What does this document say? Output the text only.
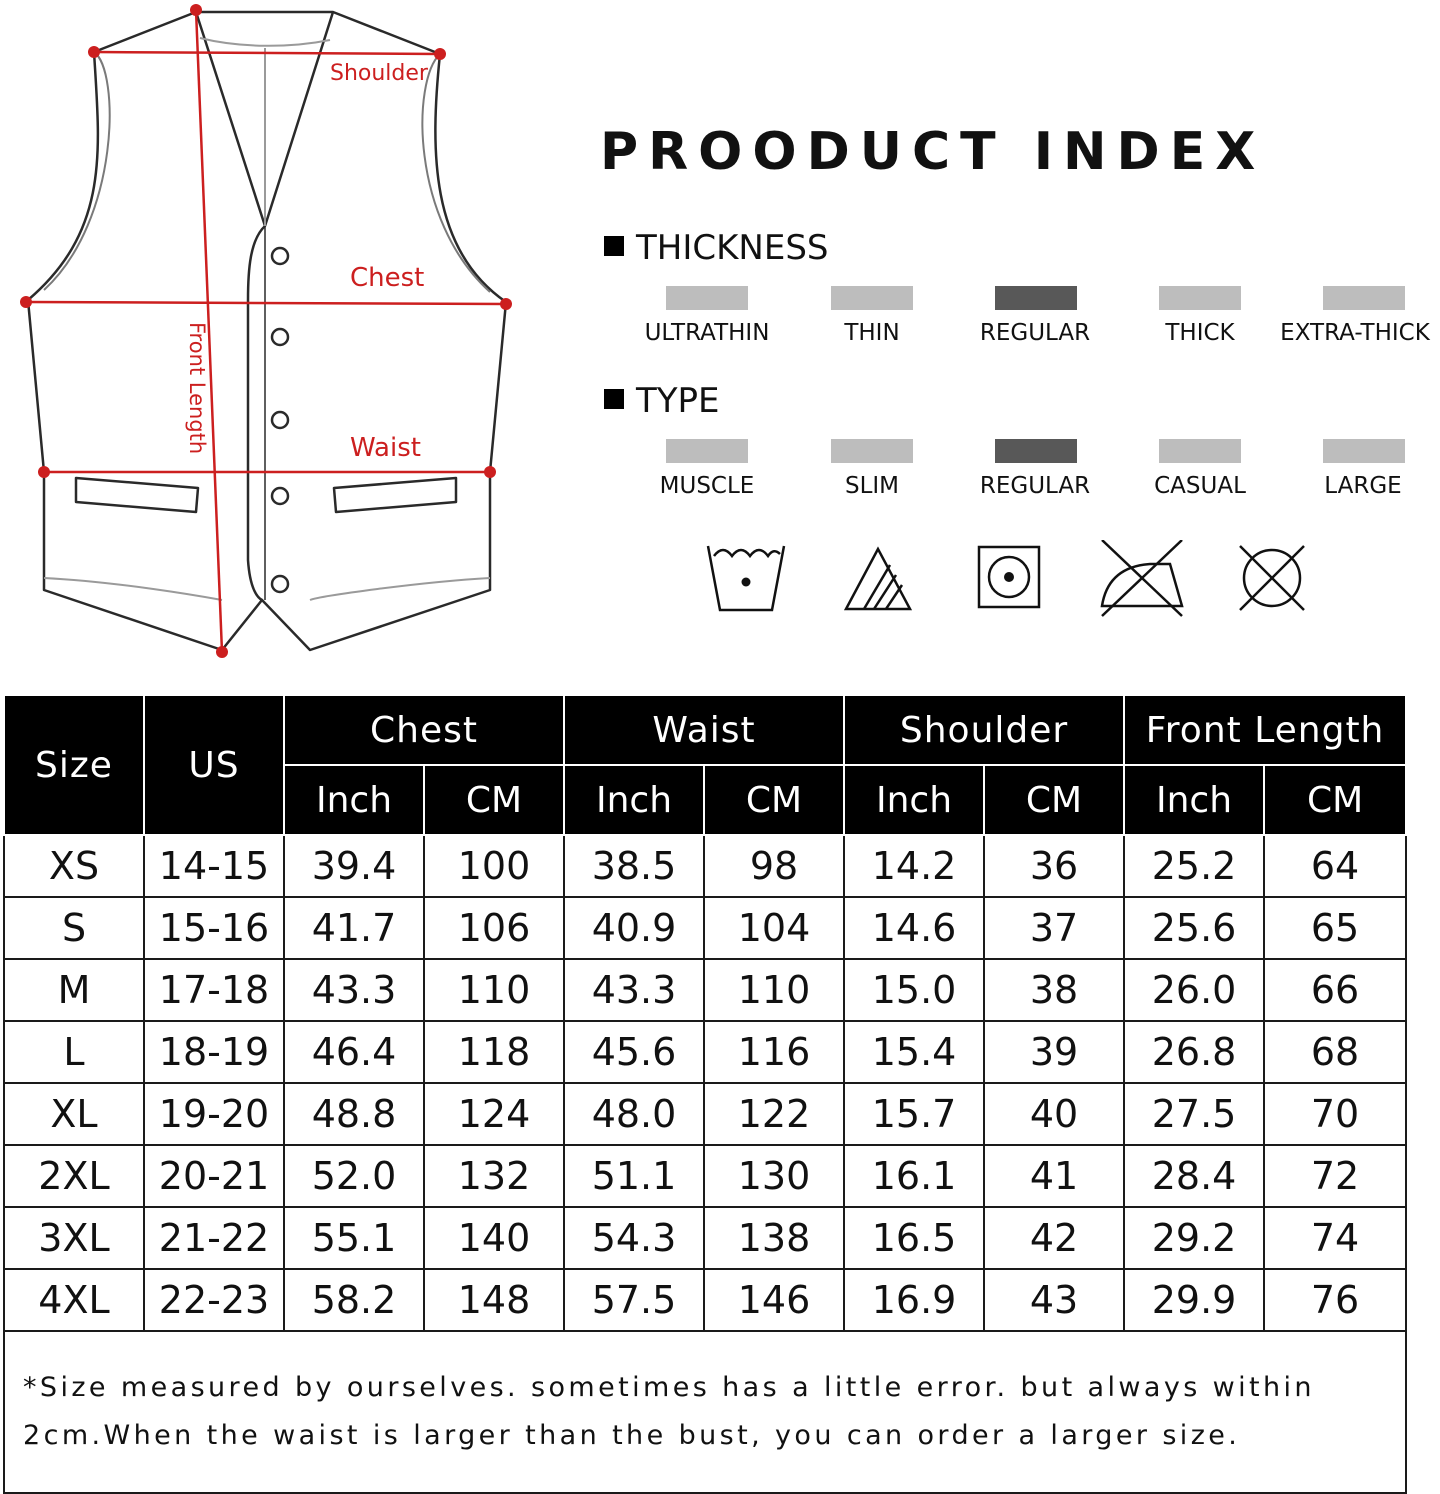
Shoulder
Chest
Waist
Front Length
PROODUCT INDEX
THICKNESS
ULTRATHIN	THIN	REGULAR	THICK	EXTRA-THICK
TYPE
MUSCLE	SLIM	REGULAR	CASUAL	LARGE
Size	US	Chest		Waist		Shoulder		Front Length	
		Inch	CM	Inch	CM	Inch	CM	Inch	CM
XS	14-15	39.4	100	38.5	98	14.2	36	25.2	64
S	15-16	41.7	106	40.9	104	14.6	37	25.6	65
M	17-18	43.3	110	43.3	110	15.0	38	26.0	66
L	18-19	46.4	118	45.6	116	15.4	39	26.8	68
XL	19-20	48.8	124	48.0	122	15.7	40	27.5	70
2XL	20-21	52.0	132	51.1	130	16.1	41	28.4	72
3XL	21-22	55.1	140	54.3	138	16.5	42	29.2	74
4XL	22-23	58.2	148	57.5	146	16.9	43	29.9	76
*Size measured by ourselves. sometimes has a little error. but always within 2cm.When the waist is larger than the bust, you can order a larger size.									
